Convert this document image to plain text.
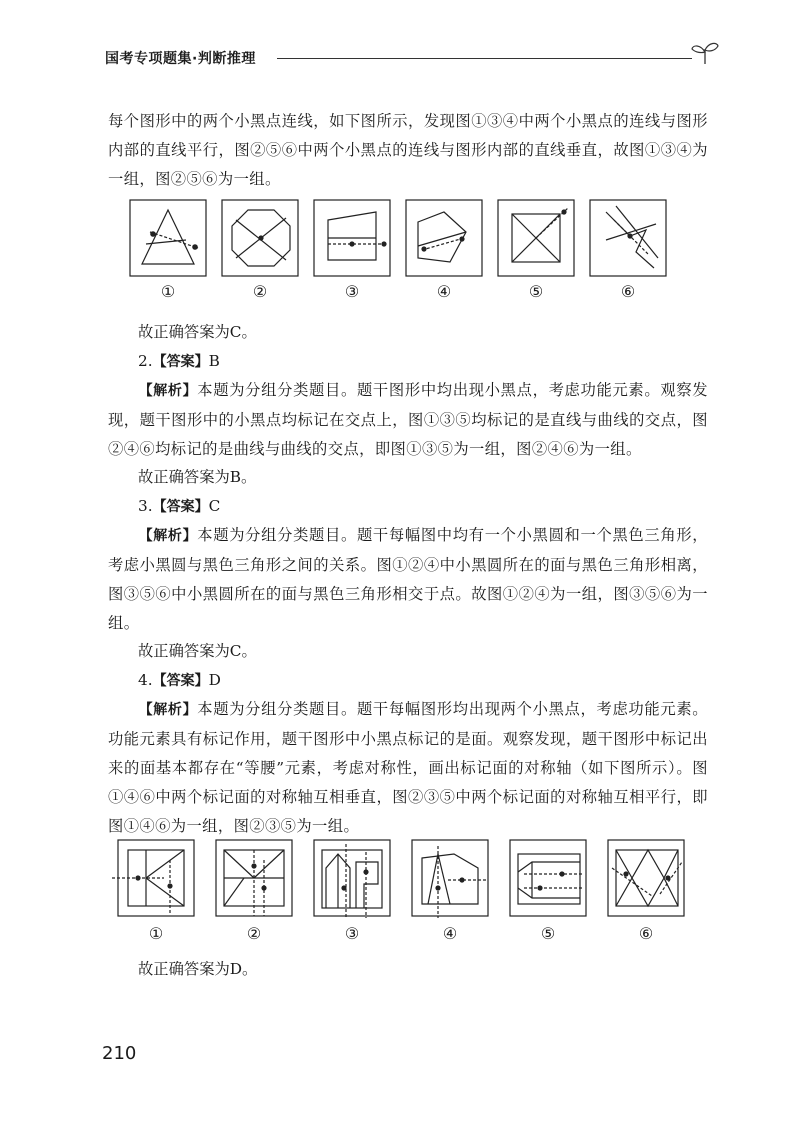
国考专项题集·判断推理

每个图形中的两个小黑点连线，如下图所示，发现图①③④中两个小黑点的连线与图形内部的直线平行，图②⑤⑥中两个小黑点的连线与图形内部的直线垂直，故图①③④为一组，图②⑤⑥为一组。

①	②	③	④	⑤	⑥

故正确答案为C。

2.【答案】B

【解析】本题为分组分类题目。题干图形中均出现小黑点，考虑功能元素。观察发现，题干图形中的小黑点均标记在交点上，图①③⑤均标记的是直线与曲线的交点，图②④⑥均标记的是曲线与曲线的交点，即图①③⑤为一组，图②④⑥为一组。

故正确答案为B。

3.【答案】C

【解析】本题为分组分类题目。题干每幅图中均有一个小黑圆和一个黑色三角形，考虑小黑圆与黑色三角形之间的关系。图①②④中小黑圆所在的面与黑色三角形相离，图③⑤⑥中小黑圆所在的面与黑色三角形相交于点。故图①②④为一组，图③⑤⑥为一组。

故正确答案为C。

4.【答案】D

【解析】本题为分组分类题目。题干每幅图形均出现两个小黑点，考虑功能元素。功能元素具有标记作用，题干图形中小黑点标记的是面。观察发现，题干图形中标记出来的面基本都存在“等腰”元素，考虑对称性，画出标记面的对称轴（如下图所示）。图①④⑥中两个标记面的对称轴互相垂直，图②③⑤中两个标记面的对称轴互相平行，即图①④⑥为一组，图②③⑤为一组。

①	②	③	④	⑤	⑥

故正确答案为D。

210
